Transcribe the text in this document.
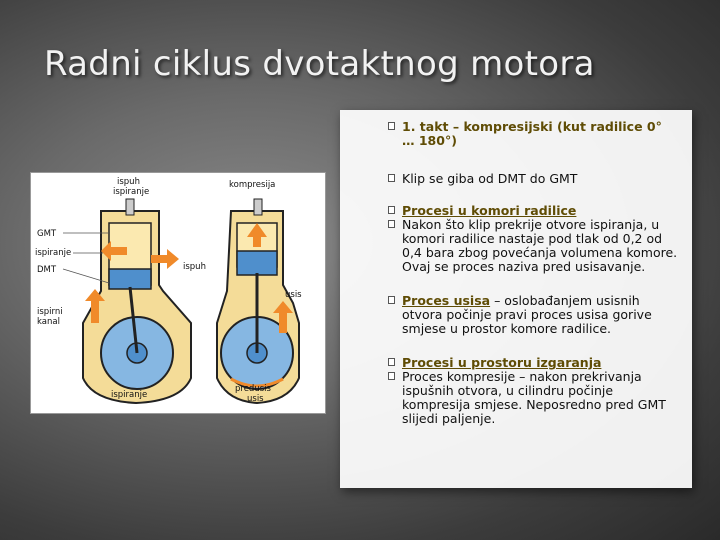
Radni ciklus dvotaktnog motora
ispuh
ispiranje
kompresija
GMT
ispiranje
ispuh
DMT
usis
ispirni
kanal
ispiranje
predusis
usis
1. takt – kompresijski (kut radilice 0°
… 180°)
Klip se giba od DMT do GMT
Procesi u komori radilice
Nakon što klip prekrije otvore ispiranja, u komori radilice nastaje pod tlak od 0,2 od 0,4 bara zbog povećanja volumena komore. Ovaj se proces naziva pred usisavanje.
Proces usisa – oslobađanjem usisnih otvora počinje pravi proces usisa gorive smjese u prostor komore radilice.
Procesi u prostoru izgaranja
Proces kompresije – nakon prekrivanja ispušnih otvora, u cilindru počinje kompresija smjese. Neposredno pred GMT slijedi paljenje.
